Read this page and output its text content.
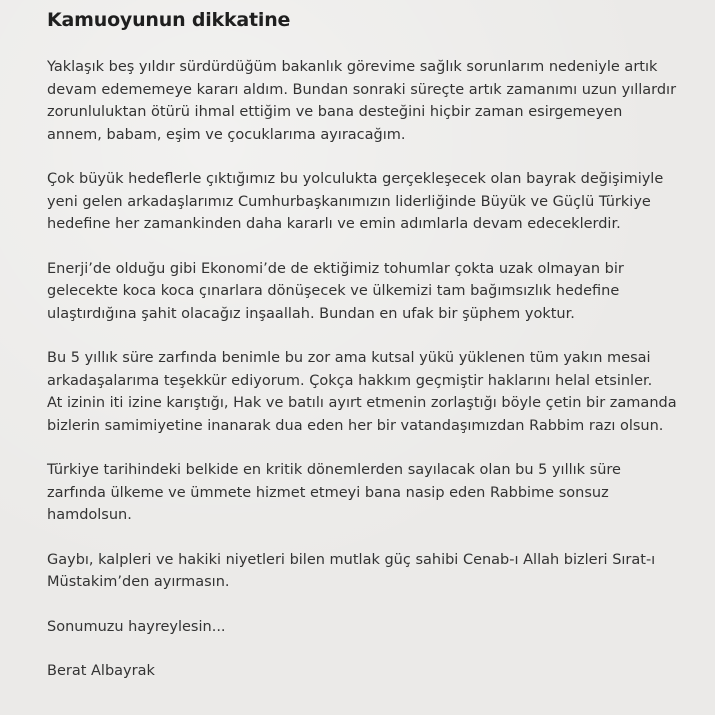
Kamuoyunun dikkatine

Yaklaşık beş yıldır sürdürdüğüm bakanlık görevime sağlık sorunlarım nedeniyle artık
devam edememeye kararı aldım. Bundan sonraki süreçte artık zamanımı uzun yıllardır
zorunluluktan ötürü ihmal ettiğim ve bana desteğini hiçbir zaman esirgemeyen
annem, babam, eşim ve çocuklarıma ayıracağım.

Çok büyük hedeflerle çıktığımız bu yolculukta gerçekleşecek olan bayrak değişimiyle
yeni gelen arkadaşlarımız Cumhurbaşkanımızın liderliğinde Büyük ve Güçlü Türkiye
hedefine her zamankinden daha kararlı ve emin adımlarla devam edeceklerdir.

Enerji’de olduğu gibi Ekonomi’de de ektiğimiz tohumlar çokta uzak olmayan bir
gelecekte koca koca çınarlara dönüşecek ve ülkemizi tam bağımsızlık hedefine
ulaştırdığına şahit olacağız inşaallah. Bundan en ufak bir şüphem yoktur.

Bu 5 yıllık süre zarfında benimle bu zor ama kutsal yükü yüklenen tüm yakın mesai
arkadaşalarıma teşekkür ediyorum. Çokça hakkım geçmiştir haklarını helal etsinler.
At izinin iti izine karıştığı, Hak ve batılı ayırt etmenin zorlaştığı böyle çetin bir zamanda
bizlerin samimiyetine inanarak dua eden her bir vatandaşımızdan Rabbim razı olsun.

Türkiye tarihindeki belkide en kritik dönemlerden sayılacak olan bu 5 yıllık süre
zarfında ülkeme ve ümmete hizmet etmeyi bana nasip eden Rabbime sonsuz
hamdolsun.

Gaybı, kalpleri ve hakiki niyetleri bilen mutlak güç sahibi Cenab-ı Allah bizleri Sırat-ı
Müstakim’den ayırmasın.

Sonumuzu hayreylesin...

Berat Albayrak
